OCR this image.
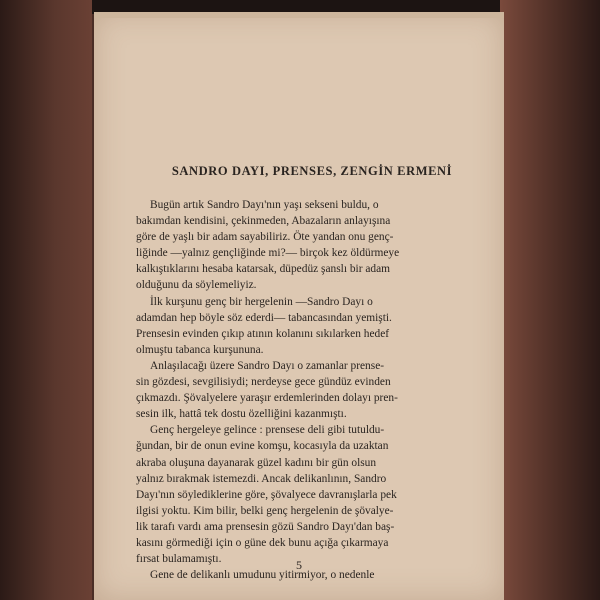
SANDRO DAYI, PRENSES, ZENGİN ERMENİ

Bugün artık Sandro Dayı'nın yaşı sekseni buldu, o
bakımdan kendisini, çekinmeden, Abazaların anlayışına
göre de yaşlı bir adam sayabiliriz. Öte yandan onu genç-
liğinde —yalnız gençliğinde mi?— birçok kez öldürmeye
kalkıştıklarını hesaba katarsak, düpedüz şanslı bir adam
olduğunu da söylemeliyiz.

İlk kurşunu genç bir hergelenin —Sandro Dayı o
adamdan hep böyle söz ederdi— tabancasından yemişti.
Prensesin evinden çıkıp atının kolanını sıkılarken hedef
olmuştu tabanca kurşununa.

Anlaşılacağı üzere Sandro Dayı o zamanlar prense-
sin gözdesi, sevgilisiydi; nerdeyse gece gündüz evinden
çıkmazdı. Şövalyelere yaraşır erdemlerinden dolayı pren-
sesin ilk, hattâ tek dostu özelliğini kazanmıştı.

Genç hergeleye gelince : prensese deli gibi tutuldu-
ğundan, bir de onun evine komşu, kocasıyla da uzaktan
akraba oluşuna dayanarak güzel kadını bir gün olsun
yalnız bırakmak istemezdi. Ancak delikanlının, Sandro
Dayı'nın söylediklerine göre, şövalyece davranışlarla pek
ilgisi yoktu. Kim bilir, belki genç hergelenin de şövalye-
lik tarafı vardı ama prensesin gözü Sandro Dayı'dan baş-
kasını görmediği için o güne dek bunu açığa çıkarmaya
fırsat bulamamıştı.

Gene de delikanlı umudunu yitirmiyor, o nedenle

5
